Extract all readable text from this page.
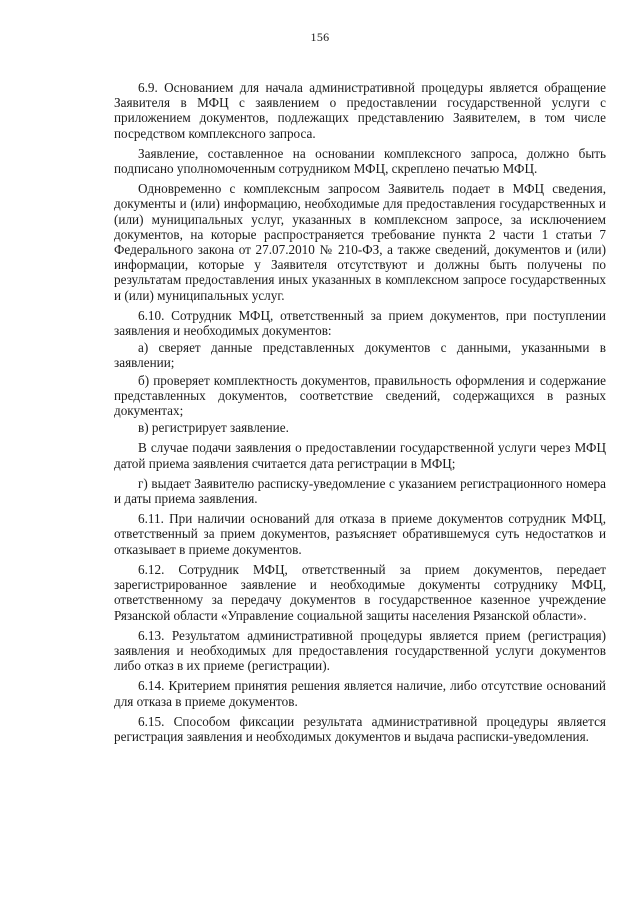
156

6.9. Основанием для начала административной процедуры является обращение Заявителя в МФЦ с заявлением о предоставлении государственной услуги с приложением документов, подлежащих представлению Заявителем, в том числе посредством комплексного запроса.

Заявление, составленное на основании комплексного запроса, должно быть подписано уполномоченным сотрудником МФЦ, скреплено печатью МФЦ.

Одновременно с комплексным запросом Заявитель подает в МФЦ сведения, документы и (или) информацию, необходимые для предоставления государственных и (или) муниципальных услуг, указанных в комплексном запросе, за исключением документов, на которые распространяется требование пункта 2 части 1 статьи 7 Федерального закона от 27.07.2010 № 210-ФЗ, а также сведений, документов и (или) информации, которые у Заявителя отсутствуют и должны быть получены по результатам предоставления иных указанных в комплексном запросе государственных и (или) муниципальных услуг.

6.10. Сотрудник МФЦ, ответственный за прием документов, при поступлении заявления и необходимых документов:

а) сверяет данные представленных документов с данными, указанными в заявлении;

б) проверяет комплектность документов, правильность оформления и содержание представленных документов, соответствие сведений, содержащихся в разных документах;

в) регистрирует заявление.

В случае подачи заявления о предоставлении государственной услуги через МФЦ датой приема заявления считается дата регистрации в МФЦ;

г) выдает Заявителю расписку-уведомление с указанием регистрационного номера и даты приема заявления.

6.11. При наличии оснований для отказа в приеме документов сотрудник МФЦ, ответственный за прием документов, разъясняет обратившемуся суть недостатков и отказывает в приеме документов.

6.12. Сотрудник МФЦ, ответственный за прием документов, передает зарегистрированное заявление и необходимые документы сотруднику МФЦ, ответственному за передачу документов в государственное казенное учреждение Рязанской области «Управление социальной защиты населения Рязанской области».

6.13. Результатом административной процедуры является прием (регистрация) заявления и необходимых для предоставления государственной услуги документов либо отказ в их приеме (регистрации).

6.14. Критерием принятия решения является наличие, либо отсутствие оснований для отказа в приеме документов.

6.15. Способом фиксации результата административной процедуры является регистрация заявления и необходимых документов и выдача расписки-уведомления.
